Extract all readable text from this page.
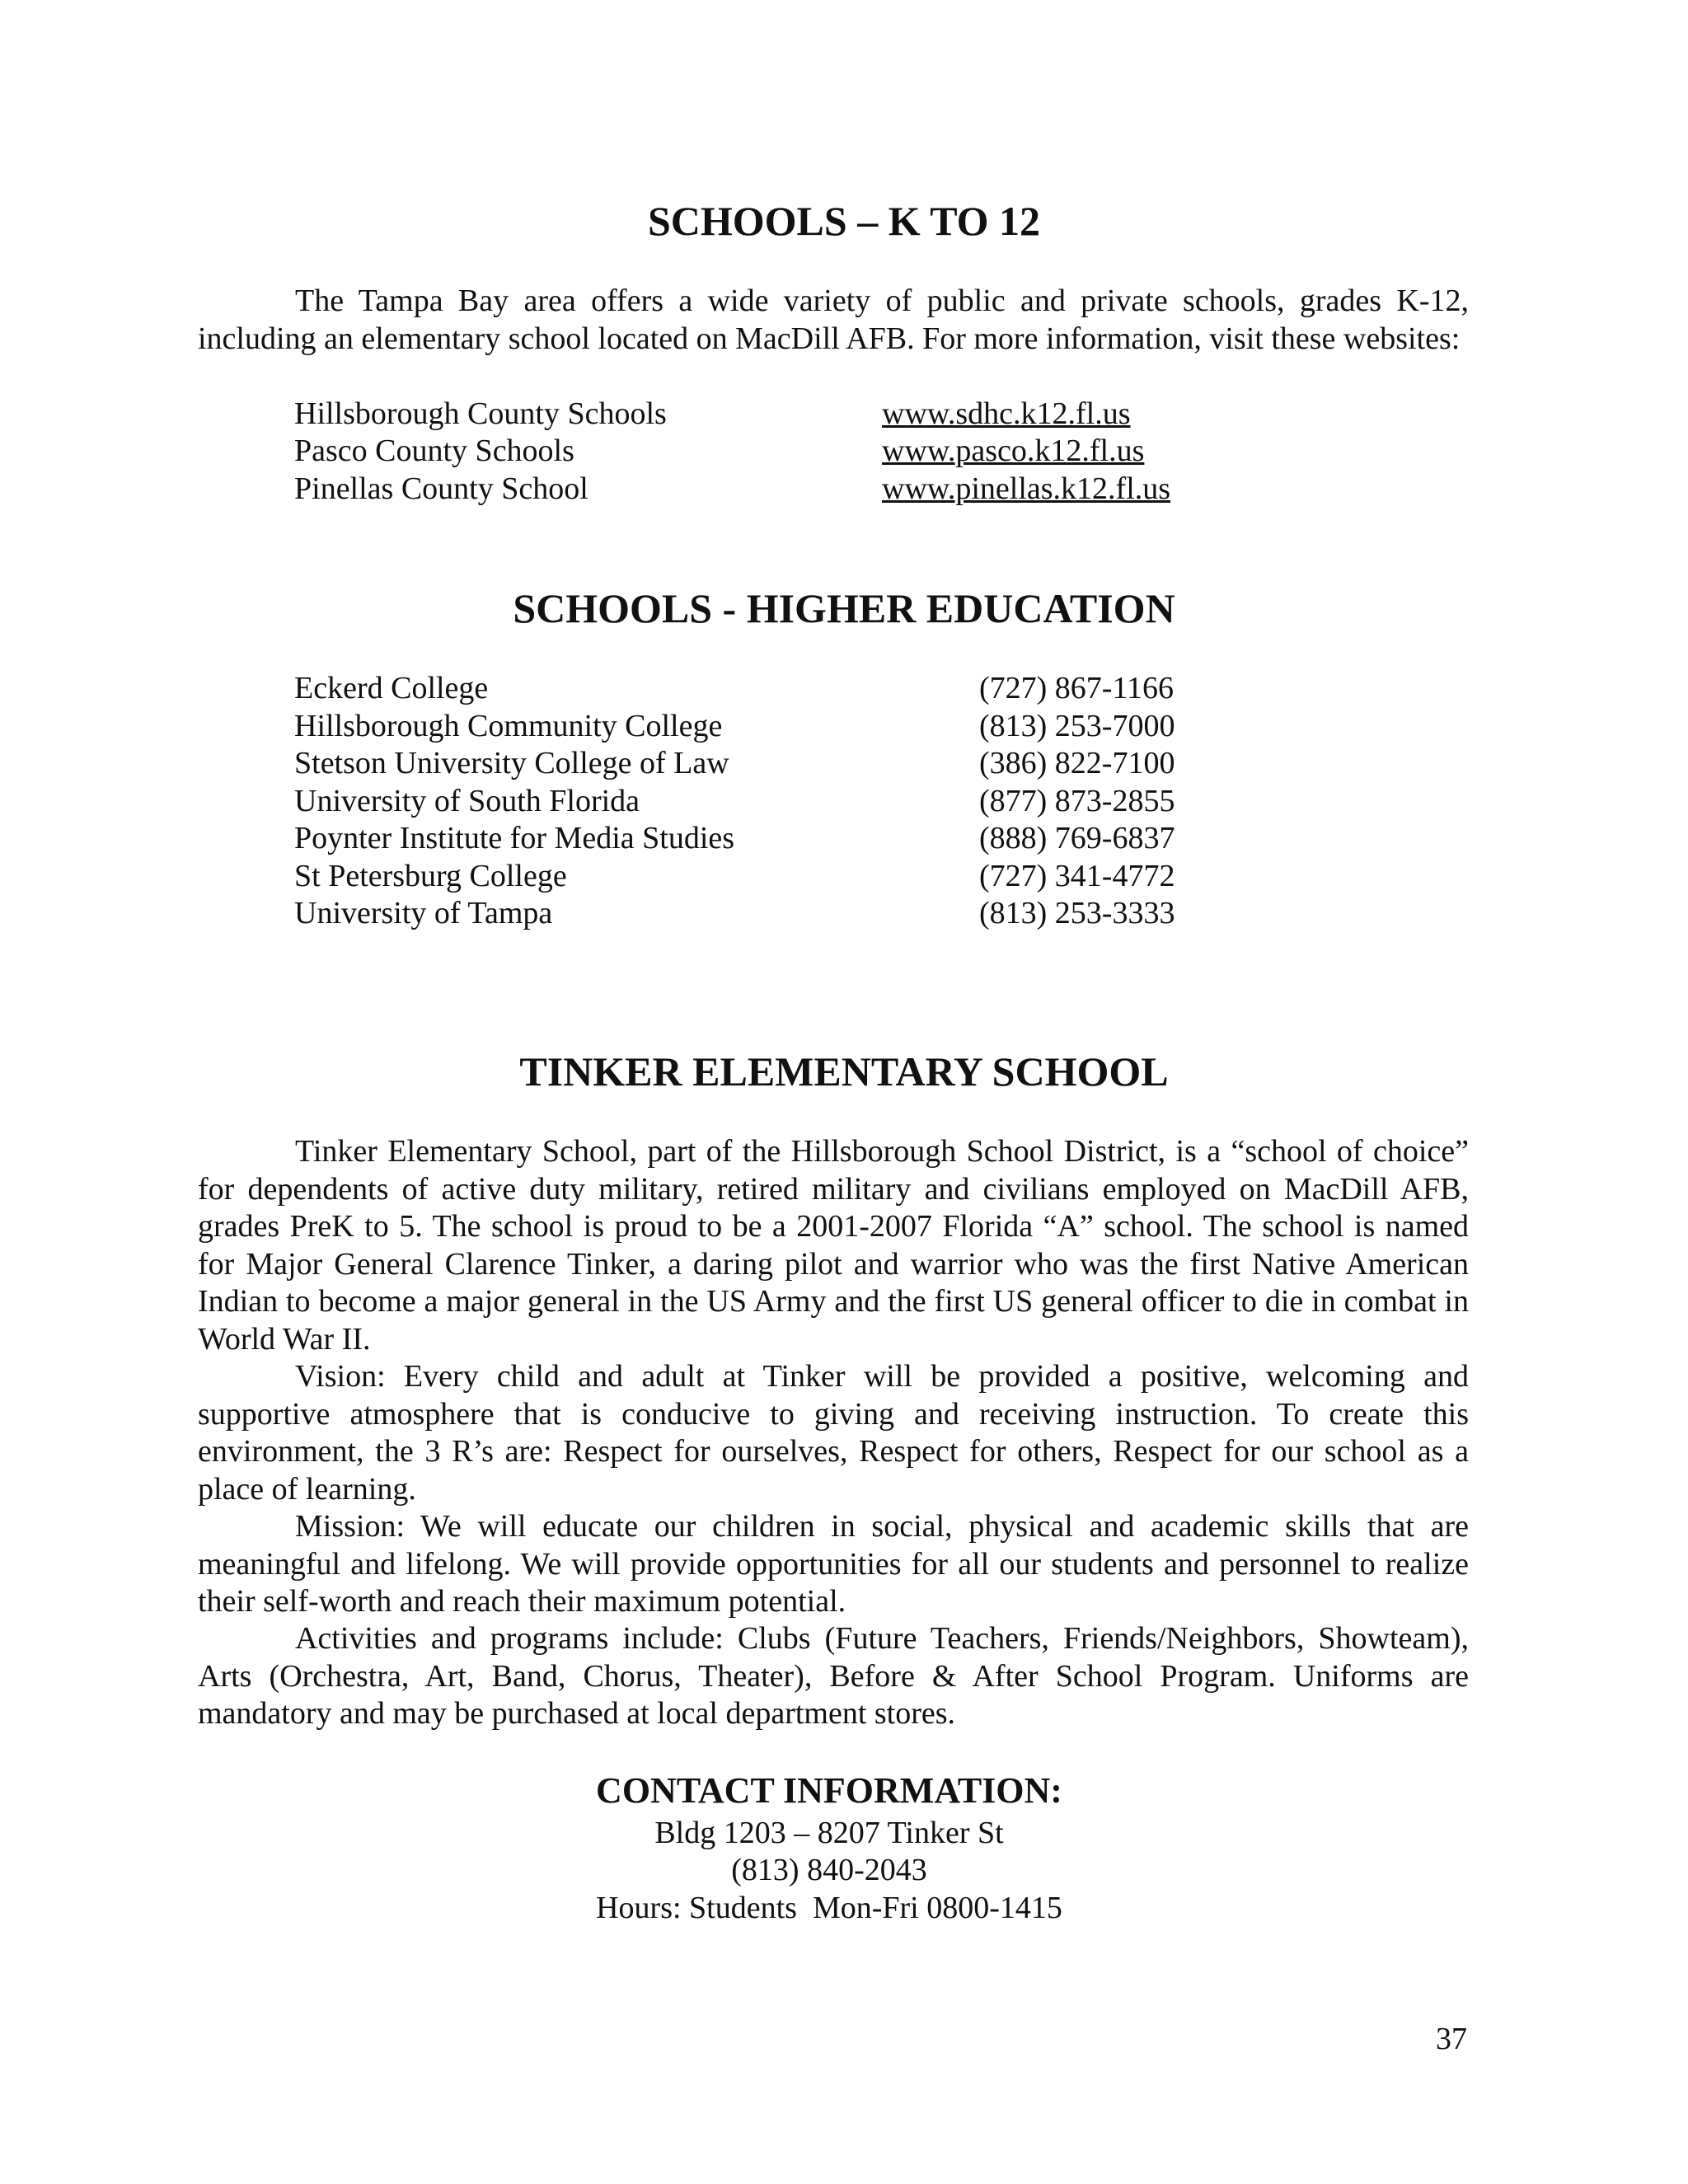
SCHOOLS – K TO 12

The Tampa Bay area offers a wide variety of public and private schools, grades K-12, including an elementary school located on MacDill AFB. For more information, visit these websites:

Hillsborough County Schools	www.sdhc.k12.fl.us
Pasco County Schools	www.pasco.k12.fl.us
Pinellas County School	www.pinellas.k12.fl.us
SCHOOLS - HIGHER EDUCATION
Eckerd College	(727) 867-1166
Hillsborough Community College	(813) 253-7000
Stetson University College of Law	(386) 822-7100
University of South Florida	(877) 873-2855
Poynter Institute for Media Studies	(888) 769-6837
St Petersburg College	(727) 341-4772
University of Tampa	(813) 253-3333
TINKER ELEMENTARY SCHOOL

Tinker Elementary School, part of the Hillsborough School District, is a “school of choice” for dependents of active duty military, retired military and civilians employed on MacDill AFB, grades PreK to 5. The school is proud to be a 2001-2007 Florida “A” school. The school is named for Major General Clarence Tinker, a daring pilot and warrior who was the first Native American Indian to become a major general in the US Army and the first US general officer to die in combat in World War II.

Vision: Every child and adult at Tinker will be provided a positive, welcoming and supportive atmosphere that is conducive to giving and receiving instruction. To create this environment, the 3 R’s are: Respect for ourselves, Respect for others, Respect for our school as a place of learning.

Mission: We will educate our children in social, physical and academic skills that are meaningful and lifelong. We will provide opportunities for all our students and personnel to realize their self-worth and reach their maximum potential.

Activities and programs include: Clubs (Future Teachers, Friends/Neighbors, Showteam), Arts (Orchestra, Art, Band, Chorus, Theater), Before & After School Program. Uniforms are mandatory and may be purchased at local department stores.

CONTACT INFORMATION:
Bldg 1203 – 8207 Tinker St
(813) 840-2043
Hours: Students  Mon-Fri 0800-1415
37
